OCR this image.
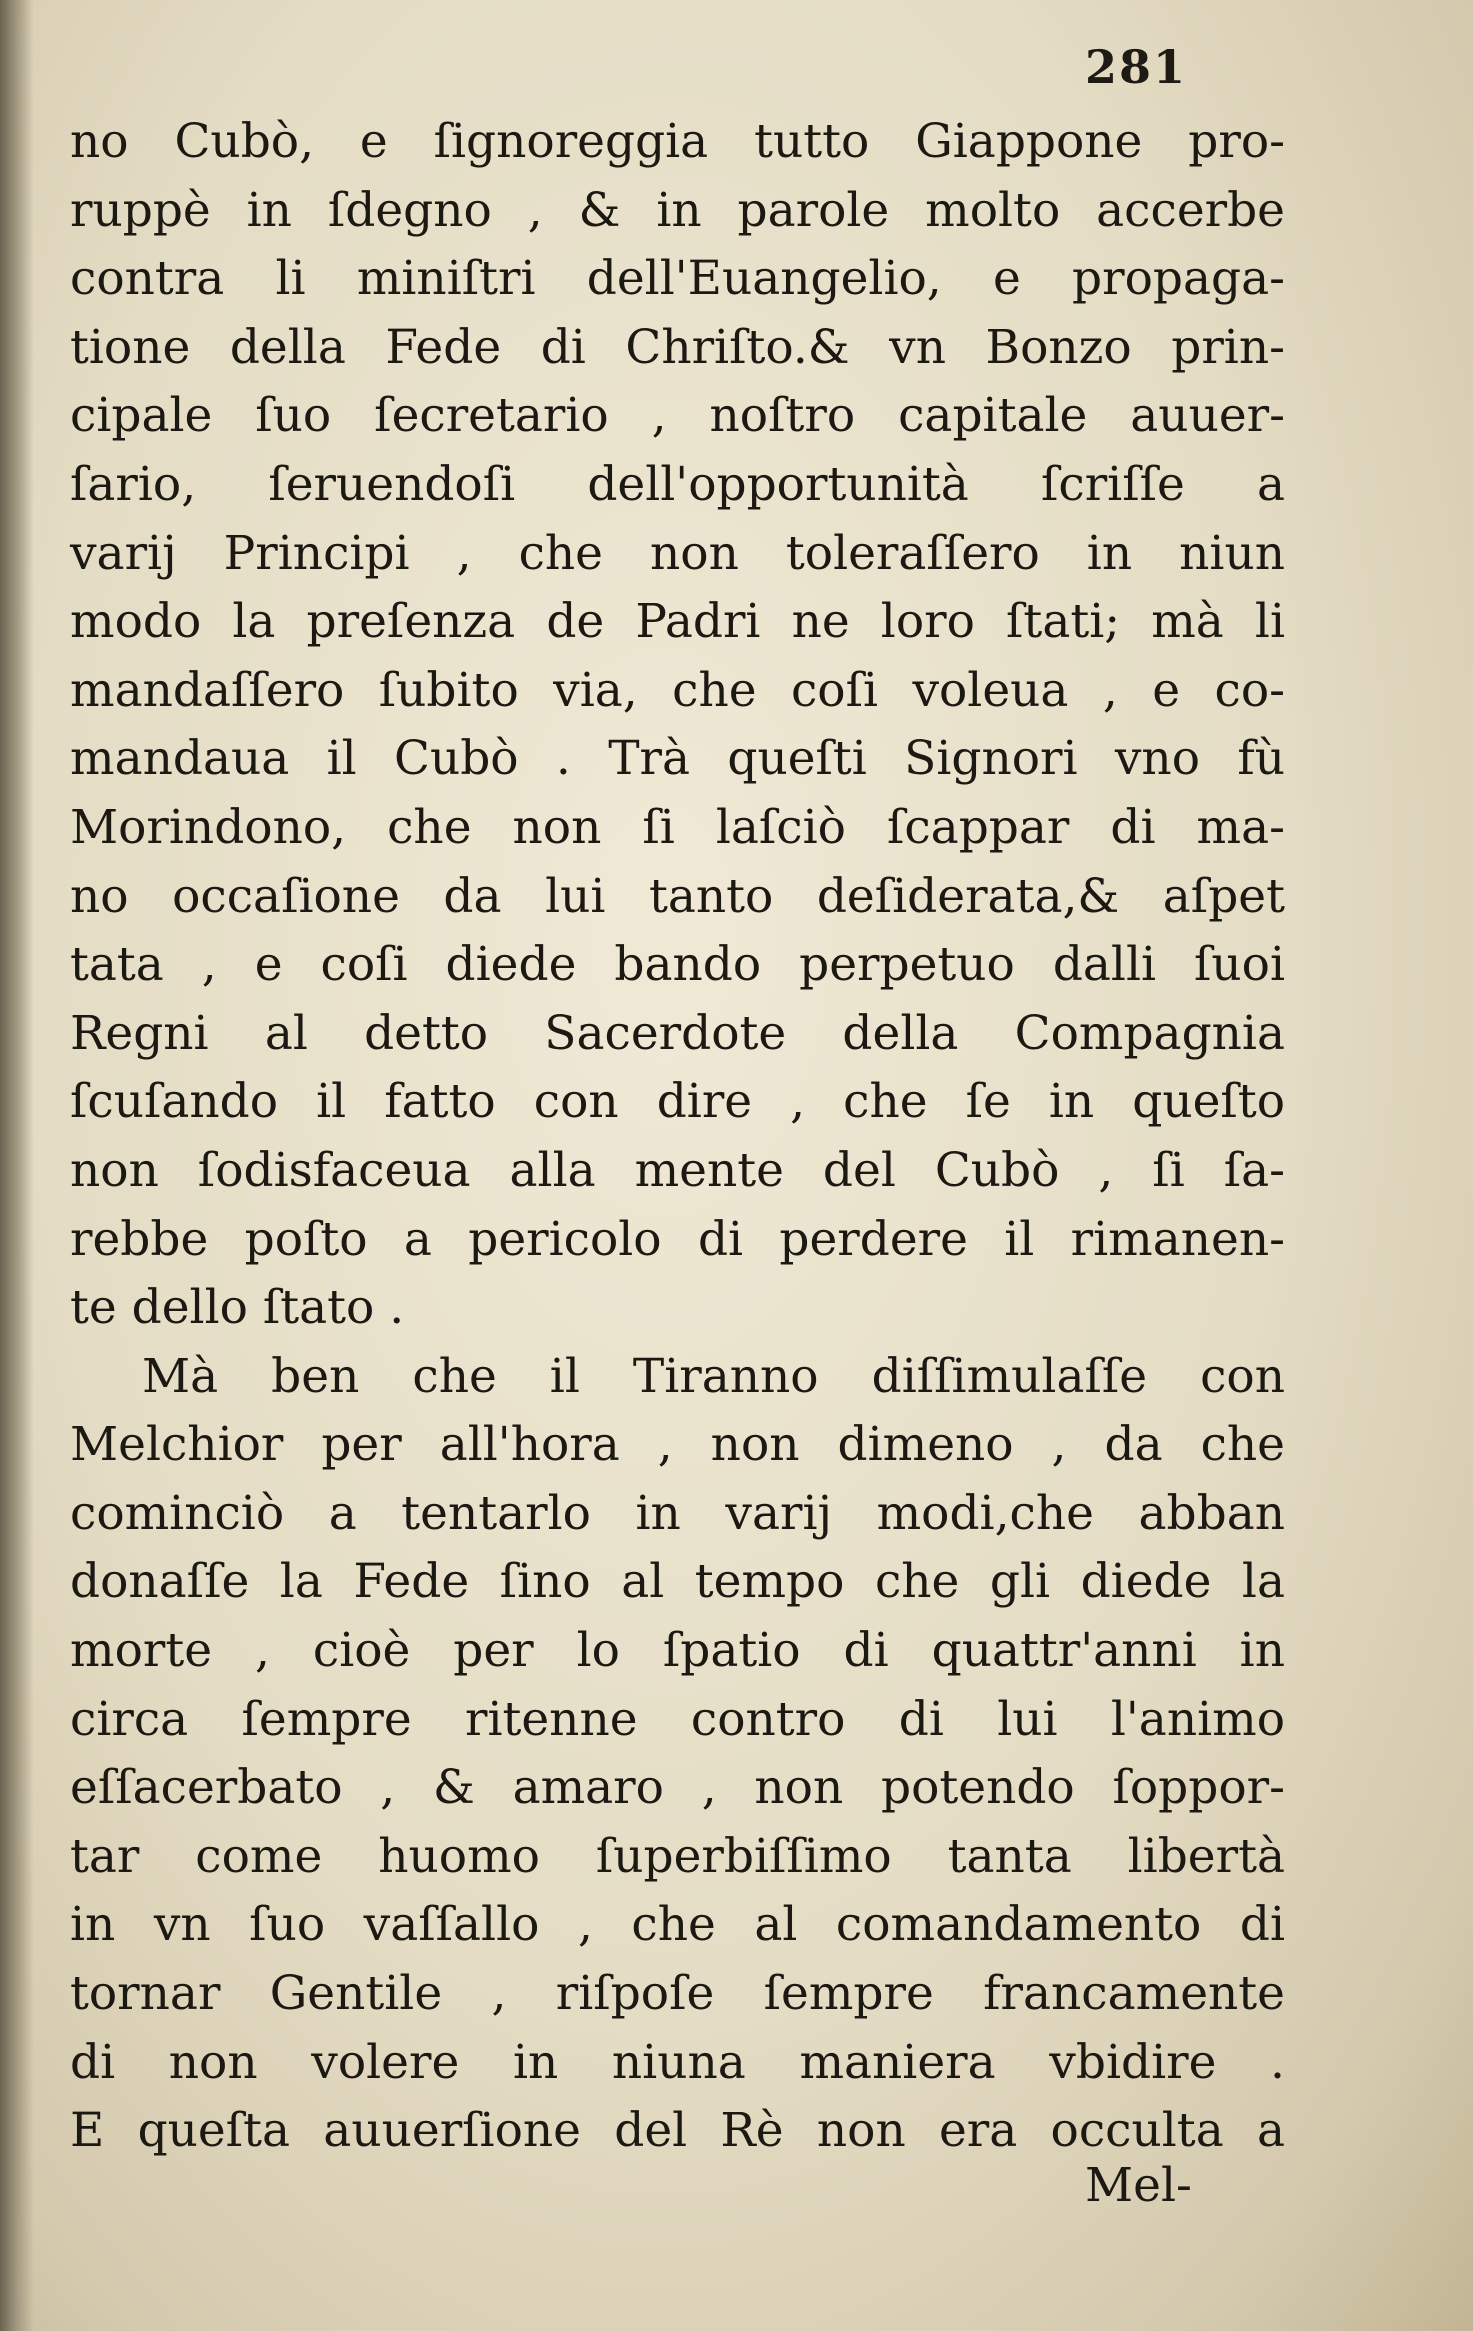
281
no Cubò, e ſignoreggia tutto Giappone pro-
ruppè in ſdegno , & in parole molto accerbe
contra li miniſtri dell'Euangelio, e propaga-
tione della Fede di Chriſto.& vn Bonzo prin-
cipale ſuo ſecretario , noſtro capitale auuer-
ſario, ſeruendoſi dell'opportunità ſcriſſe a
varij Principi , che non toleraſſero in niun
modo la preſenza de Padri ne loro ſtati; mà li
mandaſſero ſubito via, che coſi voleua , e co-
mandaua il Cubò . Trà queſti Signori vno fù
Morindono, che non ſi laſciò ſcappar di ma-
no occaſione da lui tanto deſiderata,& aſpet
tata , e coſi diede bando perpetuo dalli ſuoi
Regni al detto Sacerdote della Compagnia
ſcuſando il fatto con dire , che ſe in queſto
non ſodisfaceua alla mente del Cubò , ſi ſa-
rebbe poſto a pericolo di perdere il rimanen-
te dello ſtato .
Mà ben che il Tiranno diſſimulaſſe con
Melchior per all'hora , non dimeno , da che
cominciò a tentarlo in varij modi,che abban
donaſſe la Fede ſino al tempo che gli diede la
morte , cioè per lo ſpatio di quattr'anni in
circa ſempre ritenne contro di lui l'animo
eſſacerbato , & amaro , non potendo ſoppor-
tar come huomo ſuperbiſſimo tanta libertà
in vn ſuo vaſſallo , che al comandamento di
tornar Gentile , riſpoſe ſempre francamente
di non volere in niuna maniera vbidire .
E queſta auuerſione del Rè non era occulta a
Mel-
